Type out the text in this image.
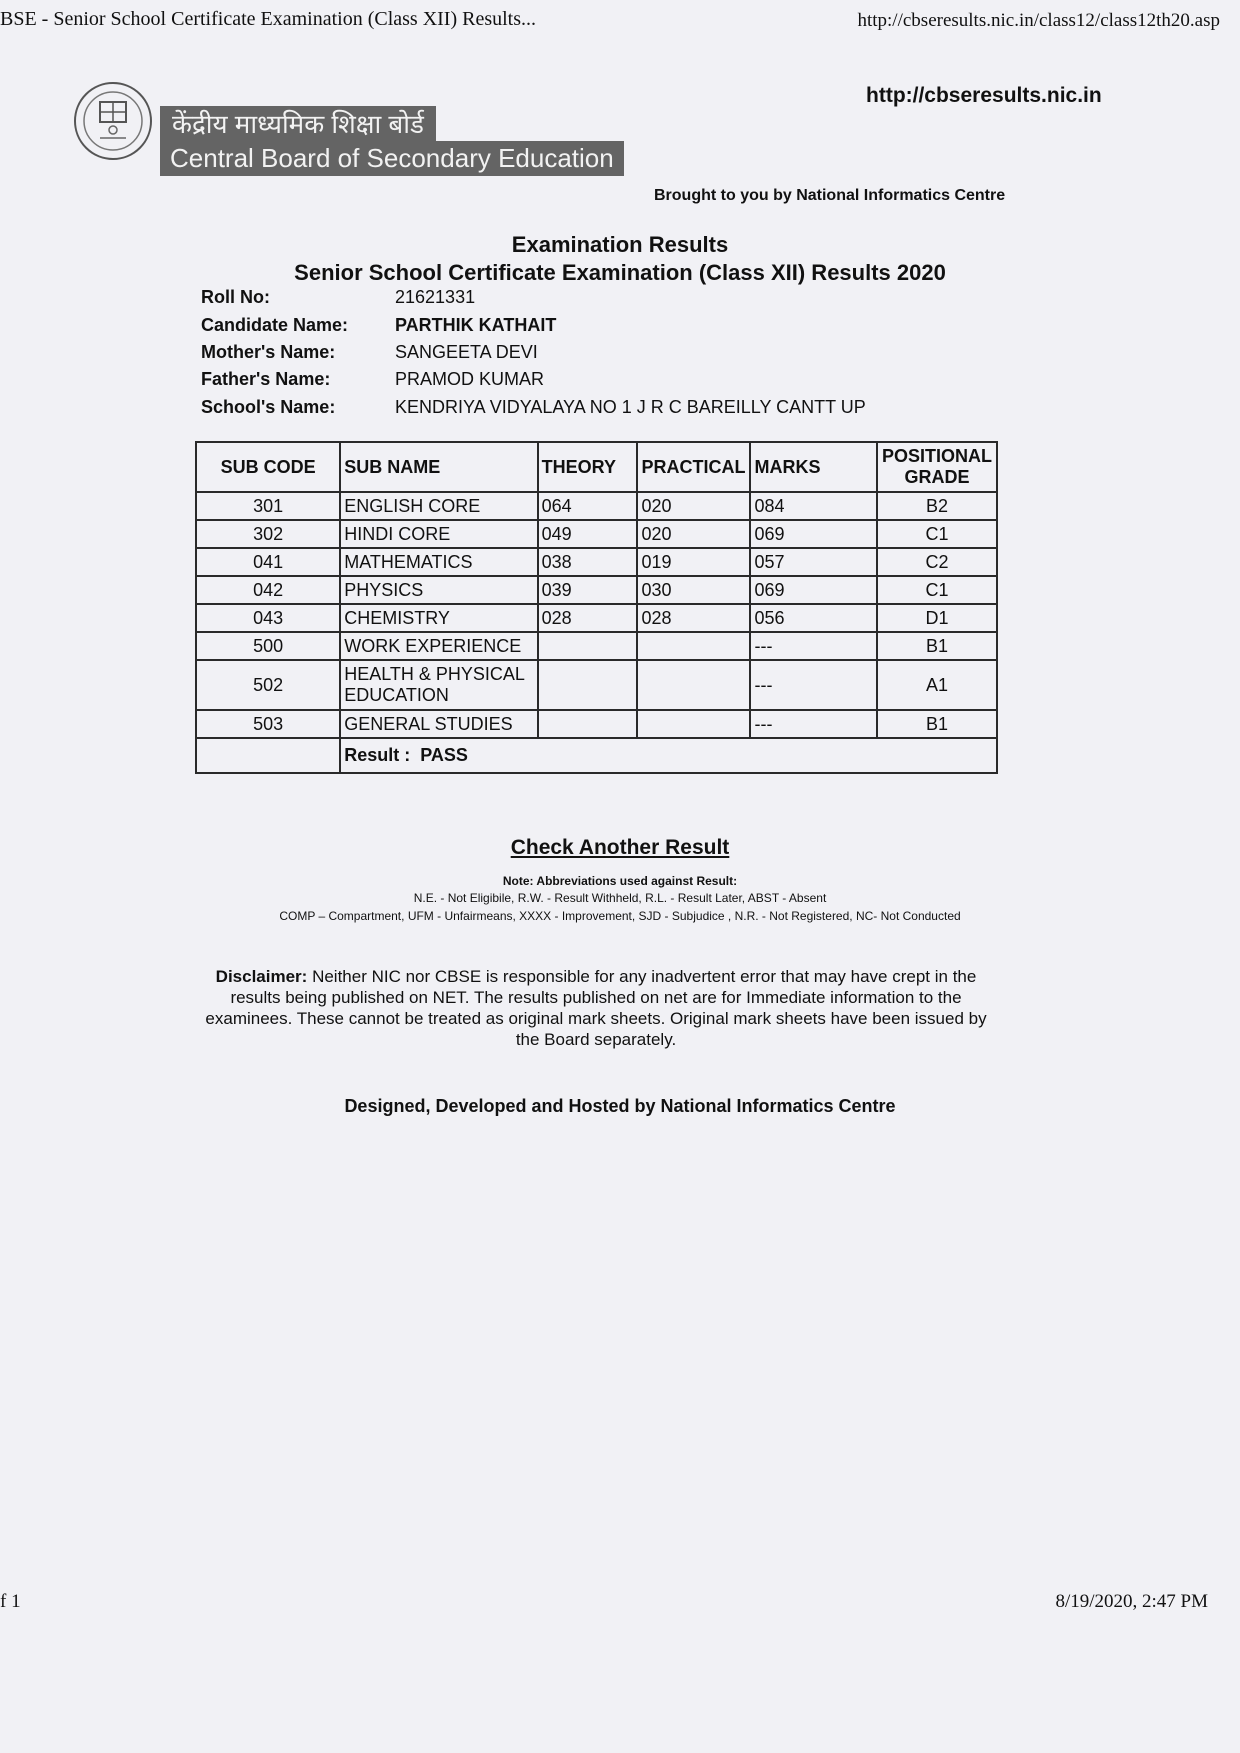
BSE - Senior School Certificate Examination (Class XII) Results...	http://cbseresults.nic.in/class12/class12th20.asp
केंद्रीय माध्यमिक शिक्षा बोर्ड
Central Board of Secondary Education
http://cbseresults.nic.in
Brought to you by National Informatics Centre
Examination Results
Senior School Certificate Examination (Class XII) Results 2020
Roll No:	21621331
Candidate Name:	PARTHIK KATHAIT
Mother's Name:	SANGEETA DEVI
Father's Name:	PRAMOD KUMAR
School's Name:	KENDRIYA VIDYALAYA NO 1 J R C BAREILLY CANTT UP
SUB CODE	SUB NAME	THEORY	PRACTICAL	MARKS	POSITIONAL GRADE
301	ENGLISH CORE	064	020	084	B2
302	HINDI CORE	049	020	069	C1
041	MATHEMATICS	038	019	057	C2
042	PHYSICS	039	030	069	C1
043	CHEMISTRY	028	028	056	D1
500	WORK EXPERIENCE			---	B1
502	HEALTH & PHYSICAL EDUCATION			---	A1
503	GENERAL STUDIES			---	B1
	Result : PASS				
Check Another Result
Note: Abbreviations used against Result:
N.E. - Not Eligibile, R.W. - Result Withheld, R.L. - Result Later, ABST - Absent
COMP – Compartment, UFM - Unfairmeans, XXXX - Improvement, SJD - Subjudice , N.R. - Not Registered, NC- Not Conducted
Disclaimer: Neither NIC nor CBSE is responsible for any inadvertent error that may have crept in the results being published on NET. The results published on net are for Immediate information to the examinees. These cannot be treated as original mark sheets. Original mark sheets have been issued by the Board separately.
Designed, Developed and Hosted by National Informatics Centre
f 1	8/19/2020, 2:47 PM
